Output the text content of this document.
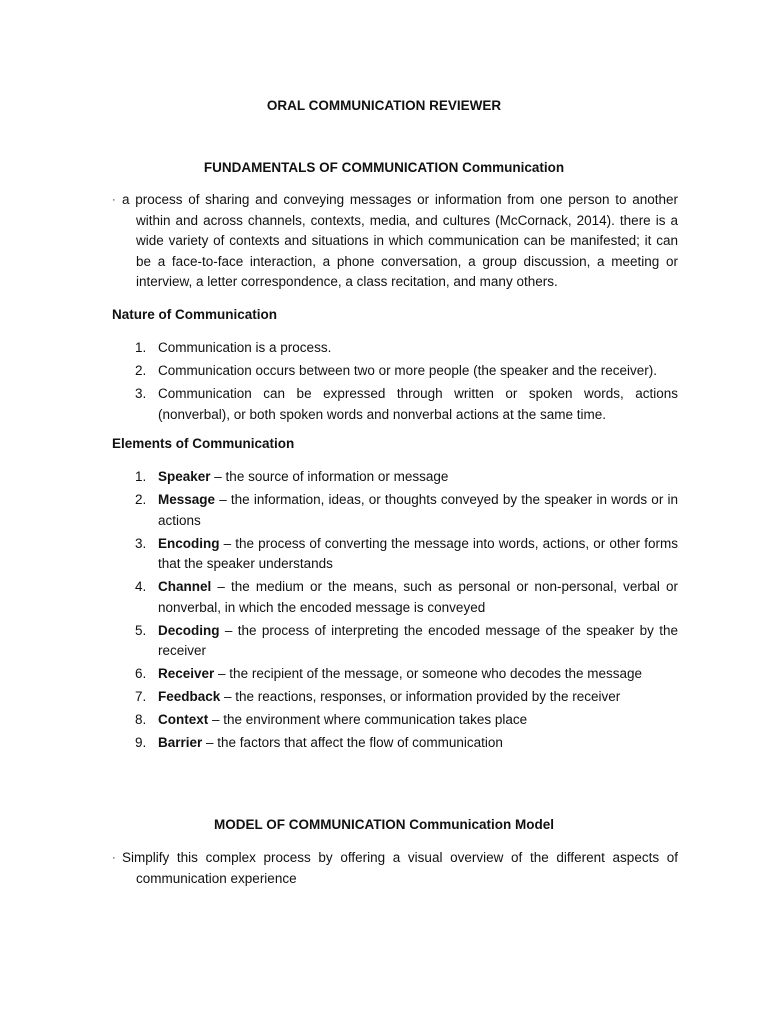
ORAL COMMUNICATION REVIEWER
FUNDAMENTALS OF COMMUNICATION Communication
· a process of sharing and conveying messages or information from one person to another within and across channels, contexts, media, and cultures (McCornack, 2014). there is a wide variety of contexts and situations in which communication can be manifested; it can be a face-to-face interaction, a phone conversation, a group discussion, a meeting or interview, a letter correspondence, a class recitation, and many others.
Nature of Communication
1. Communication is a process.
2. Communication occurs between two or more people (the speaker and the receiver).
3. Communication can be expressed through written or spoken words, actions (nonverbal), or both spoken words and nonverbal actions at the same time.
Elements of Communication
1. Speaker – the source of information or message
2. Message – the information, ideas, or thoughts conveyed by the speaker in words or in actions
3. Encoding – the process of converting the message into words, actions, or other forms that the speaker understands
4. Channel – the medium or the means, such as personal or non-personal, verbal or nonverbal, in which the encoded message is conveyed
5. Decoding – the process of interpreting the encoded message of the speaker by the receiver
6. Receiver – the recipient of the message, or someone who decodes the message
7. Feedback – the reactions, responses, or information provided by the receiver
8. Context – the environment where communication takes place
9. Barrier – the factors that affect the flow of communication
MODEL OF COMMUNICATION Communication Model
· Simplify this complex process by offering a visual overview of the different aspects of communication experience
